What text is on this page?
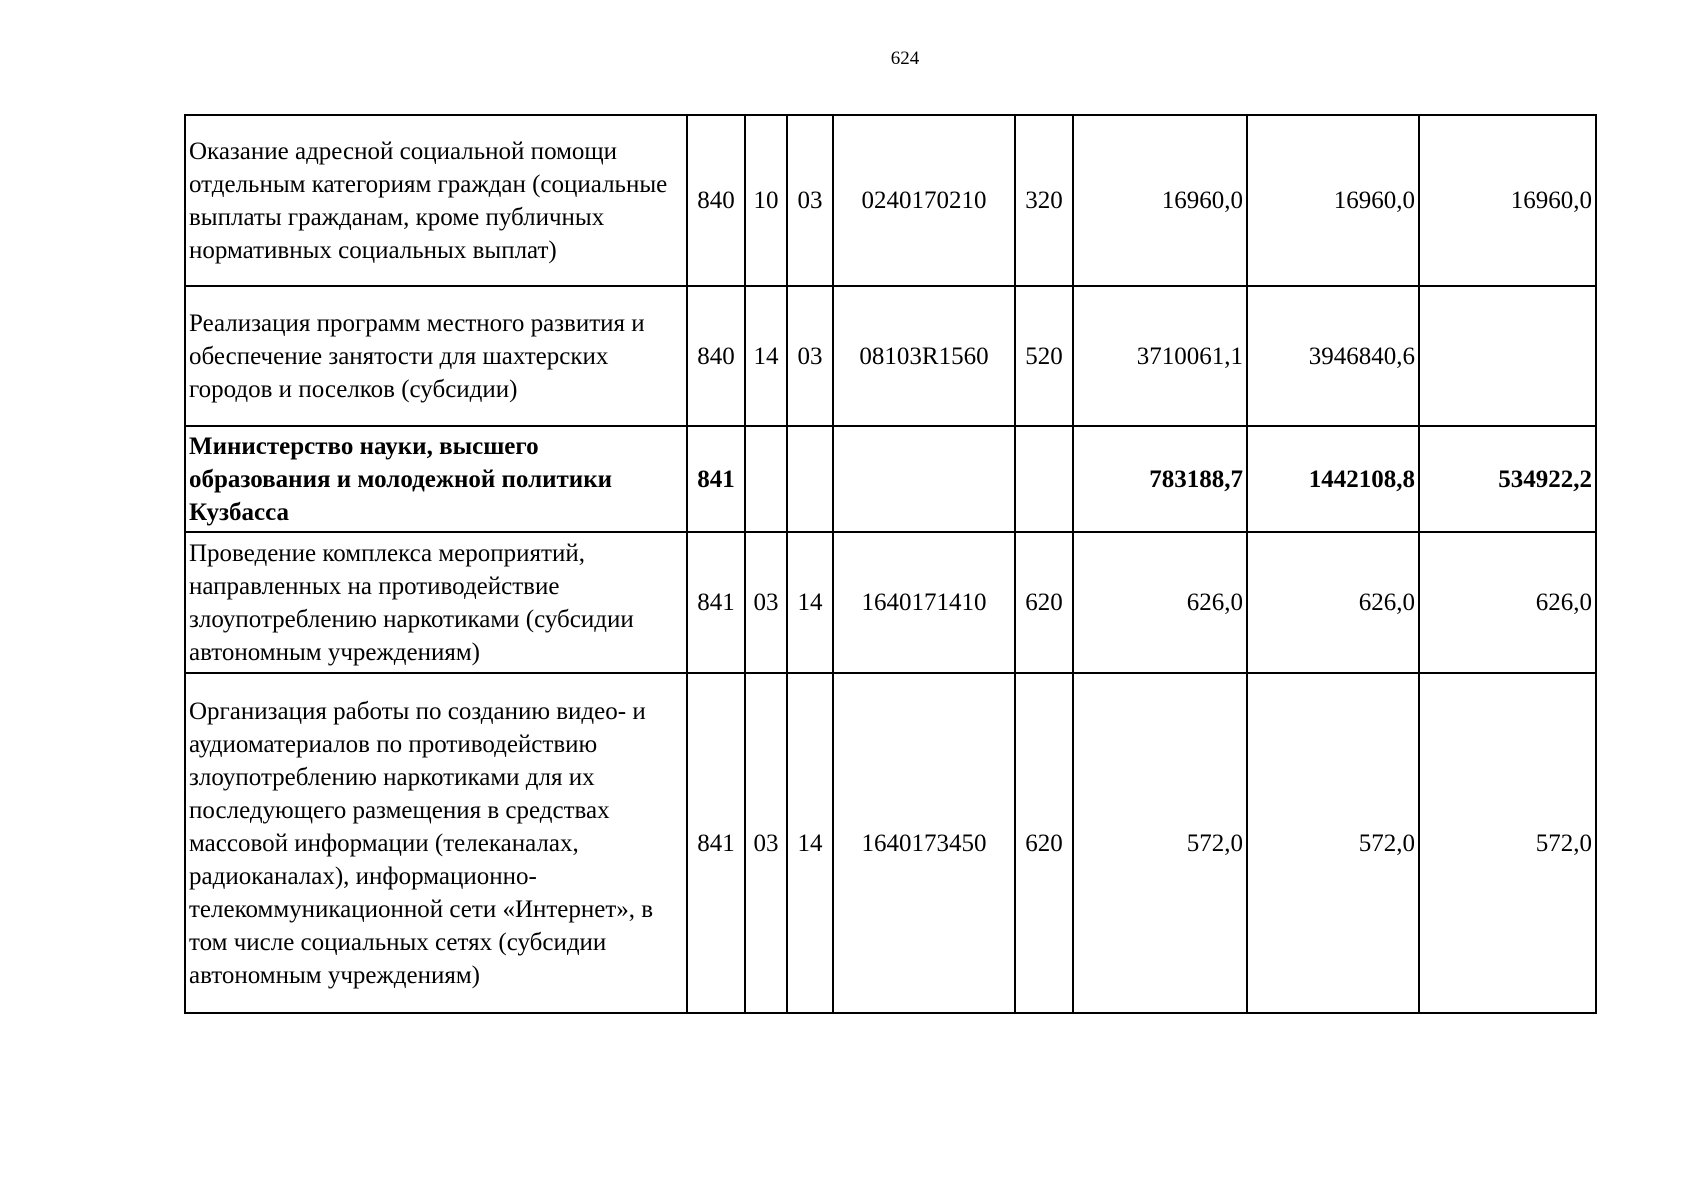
624
Оказание адресной социальной помощи отдельным категориям граждан (социальные выплаты гражданам, кроме публичных нормативных социальных выплат)	840	10	03	0240170210	320	16960,0	16960,0	16960,0
Реализация программ местного развития и обеспечение занятости для шахтерских городов и поселков (субсидии)	840	14	03	08103R1560	520	3710061,1	3946840,6	
Министерство науки, высшего образования и молодежной политики Кузбасса	841					783188,7	1442108,8	534922,2
Проведение комплекса мероприятий, направленных на противодействие злоупотреблению наркотиками (субсидии автономным учреждениям)	841	03	14	1640171410	620	626,0	626,0	626,0
Организация работы по созданию видео- и аудиоматериалов по противодействию злоупотреблению наркотиками для их последующего размещения в средствах массовой информации (телеканалах, радиоканалах), информационно-телекоммуникационной сети «Интернет», в том числе социальных сетях (субсидии автономным учреждениям)	841	03	14	1640173450	620	572,0	572,0	572,0
